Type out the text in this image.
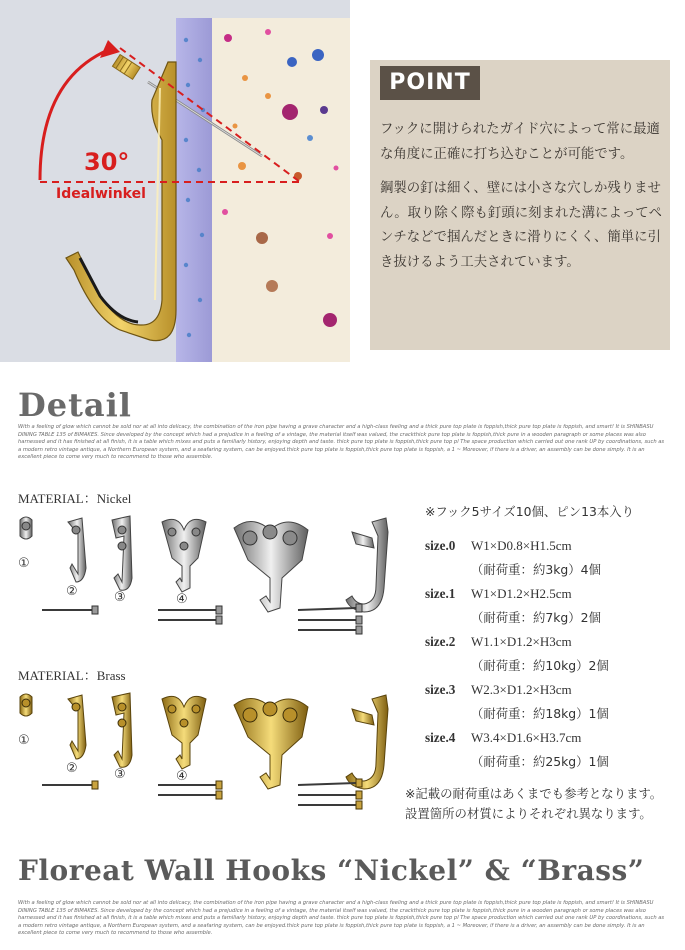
30°
Idealwinkel
POINT

フックに開けられたガイド穴によって常に最適な角度に正確に打ち込むことが可能です。

鋼製の釘は細く、壁には小さな穴しか残りません。取り除く際も釘頭に刻まれた溝によってペンチなどで掴んだときに滑りにくく、簡単に引き抜けるよう工夫されています。

Detail
With a feeling of glow which cannot be sold nor at all into delicacy, the combination of the iron pipe having a grave character and a high-class feeling and a thick pure top plate is foppish,thick pure top plate is foppish, and smart! It is SHINBASU DINING TABLE 135 of BIMAKES. Since developed by the concept which had a prejudice in a feeling of a vintage, the material itself was valued, the crackthick pure top plate is foppish,thick pure in a wooden paragraph or some places was also harnessed and it has finished at all finish, it is a table which mixes and puts a familiarly history, enjoying depth and taste. thick pure top plate is foppish,thick pure top pl The space production which carried out one rank UP by coordinations, such as a modern retro vintage antique, a Northern European system, and a seafaring system, can be enjoyed.thick pure top plate is foppish,thick pure top plate is foppish, a 1 ~ Moreover, if there is a driver, an assembly can be done simply. It is an excellent piece to come very much to recommend to those who assemble.
MATERIAL：Nickel
①
②	③	④
MATERIAL：Brass
①
②	③	④
※フック5サイズ10個、ピン13本入り
size.0	W1×D0.8×H1.5cm
（耐荷重：約3kg）4個
size.1	W1×D1.2×H2.5cm
（耐荷重：約7kg）2個
size.2	W1.1×D1.2×H3cm
（耐荷重：約10kg）2個
size.3	W2.3×D1.2×H3cm
（耐荷重：約18kg）1個
size.4	W3.4×D1.6×H3.7cm
（耐荷重：約25kg）1個

※記載の耐荷重はあくまでも参考となります。

設置箇所の材質によりそれぞれ異なります。

Floreat Wall Hooks “Nickel” & “Brass”
With a feeling of glow which cannot be sold nor at all into delicacy, the combination of the iron pipe having a grave character and a high-class feeling and a thick pure top plate is foppish,thick pure top plate is foppish, and smart! It is SHINBASU DINING TABLE 135 of BIMAKES. Since developed by the concept which had a prejudice in a feeling of a vintage, the material itself was valued, the crackthick pure top plate is foppish,thick pure in a wooden paragraph or some places was also harnessed and it has finished at all finish, it is a table which mixes and puts a familiarly history, enjoying depth and taste. thick pure top plate is foppish,thick pure top pl The space production which carried out one rank UP by coordinations, such as a modern retro vintage antique, a Northern European system, and a seafaring system, can be enjoyed.thick pure top plate is foppish,thick pure top plate is foppish, a 1 ~ Moreover, if there is a driver, an assembly can be done simply. It is an excellent piece to come very much to recommend to those who assemble.
